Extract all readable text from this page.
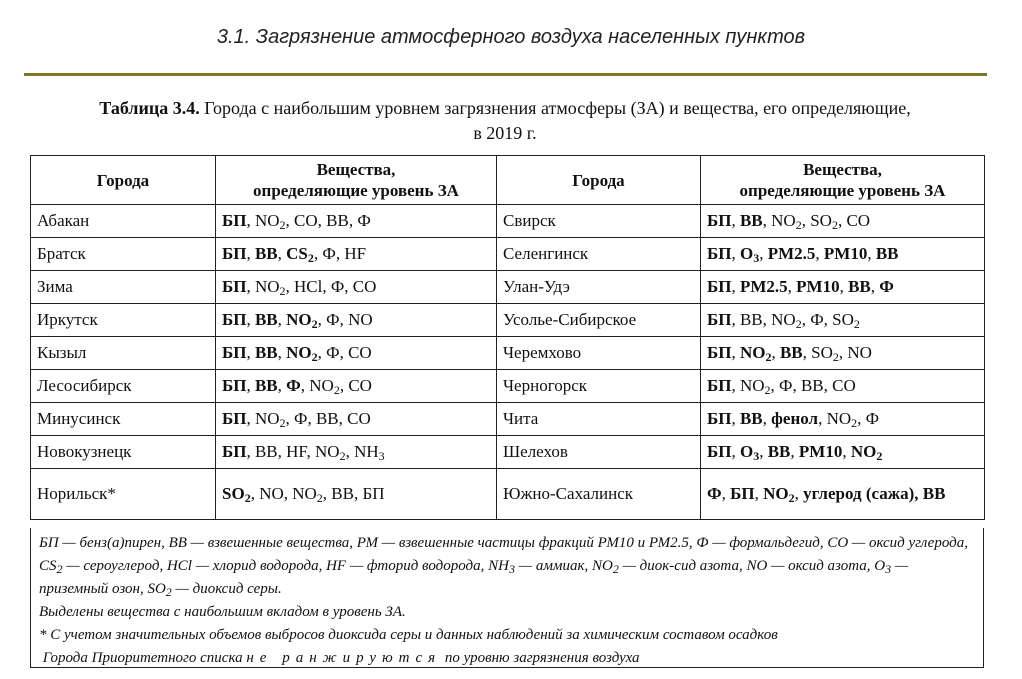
3.1. Загрязнение атмосферного воздуха населенных пунктов
Таблица 3.4. Города с наибольшим уровнем загрязнения атмосферы (ЗА) и вещества, его определяющие,
в 2019 г.
Города	Вещества,
определяющие уровень ЗА	Города	Вещества,
определяющие уровень ЗА
Абакан	БП, $NO_2$, CO, ВВ, Ф	Свирск	БП, ВВ, $NO_2$, $SO_2$, CO
Братск	БП, ВВ, $CS_2$, Ф, HF	Селенгинск	БП, $O_3$, PM2.5, PM10, ВВ
Зима	БП, $NO_2$, HCl, Ф, CO	Улан-Удэ	БП, PM2.5, PM10, ВВ, Ф
Иркутск	БП, ВВ, $NO_2$, Ф, NO	Усолье-Сибирское	БП, ВВ, $NO_2$, Ф, $SO_2$
Кызыл	БП, ВВ, $NO_2$, Ф, CO	Черемхово	БП, $NO_2$, ВВ, $SO_2$, NO
Лесосибирск	БП, ВВ, Ф, $NO_2$, CO	Черногорск	БП, $NO_2$, Ф, ВВ, CO
Минусинск	БП, $NO_2$, Ф, ВВ, CO	Чита	БП, ВВ, фенол, $NO_2$, Ф
Новокузнецк	БП, ВВ, HF, $NO_2$, $NH_3$	Шелехов	БП, $O_3$, ВВ, PM10, $NO_2$
Норильск*	$SO_2$, NO, $NO_2$, ВВ, БП	Южно-Сахалинск	Ф, БП, $NO_2$, углерод (сажа), ВВ

БП — бенз(а)пирен, ВВ — взвешенные вещества, РМ — взвешенные частицы фракций РМ10 и РМ2.5, Ф — формальдегид, CO — оксид углерода, $CS_2$ — сероуглерод, HCl — хлорид водорода, HF — фторид водорода, $NH_3$ — аммиак, $NO_2$ — диок-сид азота, NO — оксид азота, $O_3$ — приземный озон, $SO_2$ — диоксид серы.

Выделены вещества с наибольшим вкладом в уровень ЗА.

* С учетом значительных объемов выбросов диоксида серы и данных наблюдений за химическим составом осадков

Города Приоритетного списка не ранжируются по уровню загрязнения воздуха
